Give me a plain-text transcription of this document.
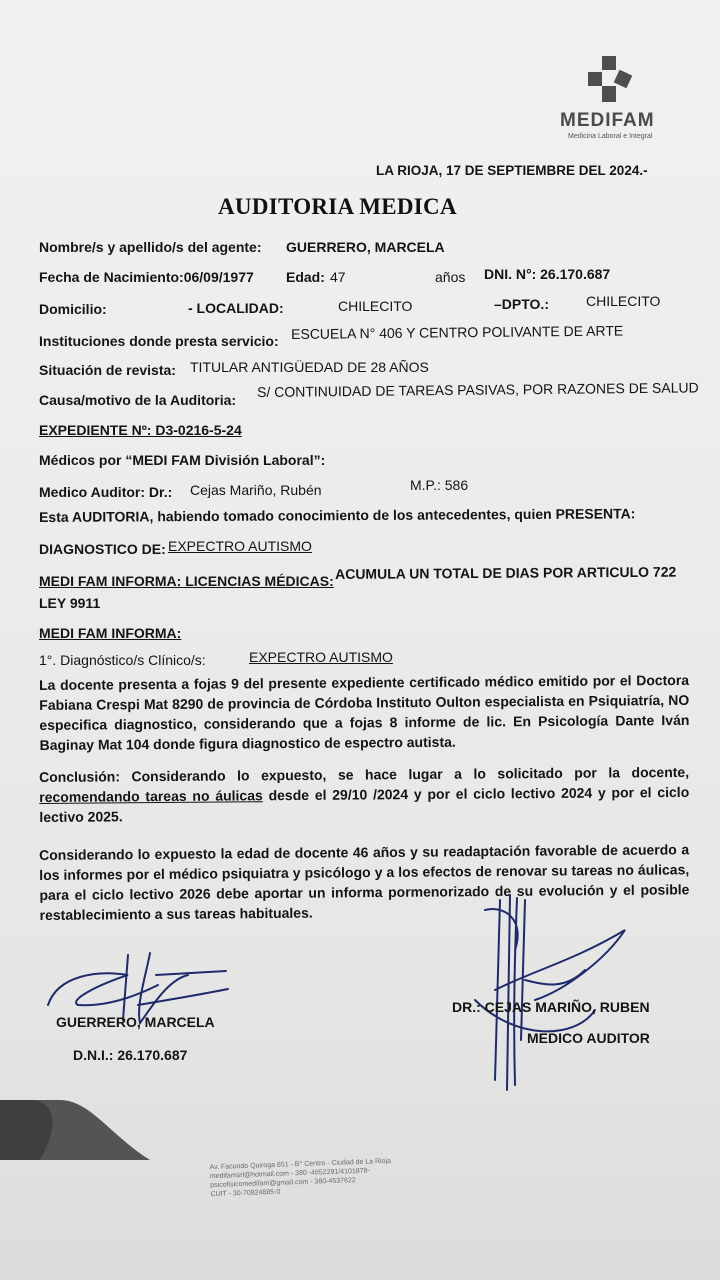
MEDIFAM
Medicina Laboral e Integral
LA RIOJA, 17 DE SEPTIEMBRE DEL 2024.-
AUDITORIA MEDICA
Nombre/s y apellido/s del agente: GUERRERO, MARCELA
Fecha de Nacimiento:06/09/1977 Edad: 47	años DNI. N°: 26.170.687
Domicilio:	- LOCALIDAD:	CHILECITO	–DPTO.:	CHILECITO
Instituciones donde presta servicio: ESCUELA N° 406 Y CENTRO POLIVANTE DE ARTE
Situación de revista: TITULAR ANTIGÜEDAD DE 28 AÑOS
Causa/motivo de la Auditoria:
S/ CONTINUIDAD DE TAREAS PASIVAS, POR RAZONES DE SALUD
EXPEDIENTE Nº: D3-0216-5-24
Médicos por “MEDI FAM División Laboral”:
Medico Auditor: Dr.: Cejas Mariño, Rubén	M.P.: 586
Esta AUDITORIA, habiendo tomado conocimiento de los antecedentes, quien PRESENTA:
DIAGNOSTICO DE: EXPECTRO AUTISMO
MEDI FAM INFORMA: LICENCIAS MÉDICAS: ACUMULA UN TOTAL DE DIAS POR ARTICULO 722
LEY 9911
MEDI FAM INFORMA:
1°. Diagnóstico/s Clínico/s:	EXPECTRO AUTISMO
La docente presenta a fojas 9 del presente expediente certificado médico emitido por el Doctora Fabiana Crespi Mat 8290 de provincia de Córdoba Instituto Oulton especialista en Psiquiatría, NO especifica diagnostico, considerando que a fojas 8 informe de lic. En Psicología Dante Iván Baginay Mat 104 donde figura diagnostico de espectro autista.
Conclusión: Considerando lo expuesto, se hace lugar a lo solicitado por la docente, recomendando tareas no áulicas desde el 29/10 /2024 y por el ciclo lectivo 2024 y por el ciclo lectivo 2025.
Considerando lo expuesto la edad de docente 46 años y su readaptación favorable de acuerdo a los informes por el médico psiquiatra y psicólogo y a los efectos de renovar su tareas no áulicas, para el ciclo lectivo 2026 debe aportar un informa pormenorizado de su evolución y el posible restablecimiento a sus tareas habituales.
GUERRERO, MARCELA
D.N.I.: 26.170.687
DR.: CEJAS MARIÑO, RUBEN
MEDICO AUDITOR
Av. Facundo Quiroga 651 - B° Centro - Ciudad de La Rioja
medifamsrl@hotmail.com - 380 -4652291/4101878-
psicofisicomedifam@gmail.com - 380-4537622
CUIT - 30-70824885-0
